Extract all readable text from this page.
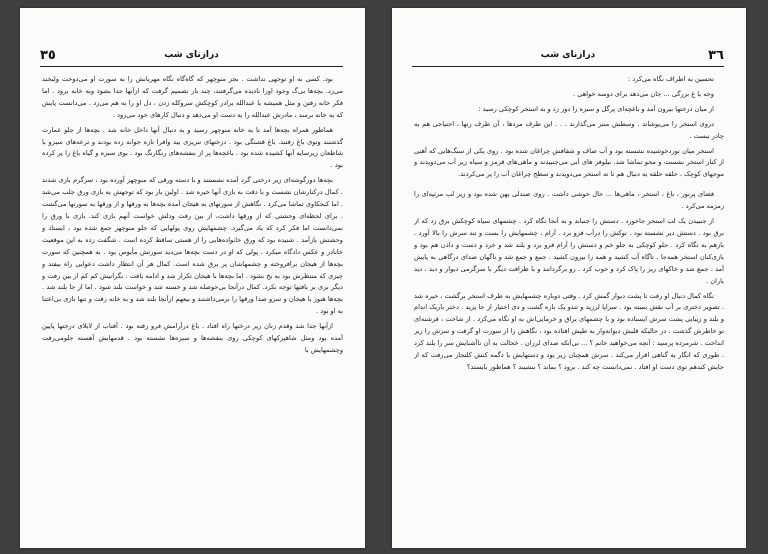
درازنای شب
٣٥

بود. کسی به او توجهی نداشت . بجز منوچهر که گاه‌گاه نگاه مهربانش را به سورت او می‌دوخت ولبخند می‌زد. بچه‌ها بی‌گ وجود اورا نادیده می‌گرفتند، چند بار تصمیم گرفت که ازآنها جدا بشود وبه خانه برود . اما فکر خانه رفتن و مثل همیشه با عبدالله برادر کوچکش سروکله زدن ، دل او را به هم می‌زد . می‌دانست پایش که به خانه برسد ، مادرش عبدالله را به دست او می‌دهد و دنبال کارهای خود می‌رود .

هماطور همراه بچه‌ها آمد تا به خانه منوچهر رسید و به دنبال آنها داخل خانه شد . بچه‌ها از جلو عمارت گذشتند وتوی باغ رفتند. باغ قشنگی بود . درختهای تبریزی بید وافرا تازه جوانه زده بودند و ترعه‌های سبزو با شاطعان زیرسایه آنها کشیده شده بود . باغچه‌ها پر از بنفشه‌های رنگارنگ بود . بوی سبزه و گیاه باغ را پر کرده بود .

بچه‌ها دورگوشه‌ای زیر درختی گرد آمده نشستند و با دسته ورقی که منوچهر آورده بود ، سرگرم بازی شدند . کمال درکنارشان نشست و با دقت به بازی آنها خیره شد . اولین بار بود که توجهش به بازی ورق جلب می‌شد . اما کنجکاوی تماشا می‌کرد . نگاهش از سورتهای به هیجان آمده بچه‌ها به ورقها و از ورقها به سورتها می‌گشت . برای لحظه‌ای وحشتی که از ورقها داشت، از بین رفت ودلش خواست آنهم بازی کند. بازی با ورق را نمی‌دانست اما فکر کرد که یاد می‌گیرد. چشمهایش روی پولهایی که جلو منوچهر جمع شده بود ، ایستاد و وحشتش بازآمد . شنیده بود که ورق خانواده‌هایی را از هستی ساقط کرده است . شگفت زده به این موقعیت خانادر و عکس دادگاه میکرد . پولی که او در دست بچه‌ها می‌دید سورتش مأیوس بود . به همچنین که سورت بچه‌ها از هیجان برافروخته و چشمهاشان پر برق شده است. کمال هر آن انتظار داشت دعوایی راه بیفتد و چیزی که منتظرش بود به بخ بشود . اما بچه‌ها با هیجان تکرار شد و ادامه یافت . نگرانیش کم کم از بین رفت و دیگر بری بر بافتها توجه نکرد. کمال درآنجا بی‌حوصله شد و خسته شد و خواست بلند شود . اما از جا بلند شد . بچه‌ها هنوز با هیجان و سرو صدا ورقها را برمی‌داشتند و بیعهم ازآنجا بلند شد و به خانه رفت و تنها بازی بی‌اعتنا به او بود .

ازآنها جدا شد وقدم زنان زیر درختها راه افتاد . باغ درآرامش فرو رفته بود . آفتاب از لابلای درختها پایین آمده بود ومثل شاهپرکهای کوچکی روی بنفشه‌ها و سبزه‌ها نشسته بود . قدمهایش آهسته جلومی‌رفت وچشمهایش با

درازنای شب	٣٦

تحسین به اطراف نگاه می‌کرد :

وجه با غ بزرگی ... جان می‌دهد برای دوسه خواهی .

از میان درختها بیرون آمد و باغچه‌ای پرگل و سبزه را دور زد و به استخر کوچکی رسید :

دروی استخر را می‌پوشاند . وسطش منبر می‌گذارند . . . این طرف مردها ، آن طرف زنها ، احتیاجی هم به چادر نیست .

استخر میان نوردخوشیده نشسته بود و آب صاف و شفافش چراغان شده بود . روی یکی از سنگ‌هایی که آهنی از کنار استخر نشست و محو تماشا شد. نیلوفر های آبی می‌جنبیدند و ماهی‌های قرمز و سیاه زیر آب می‌دویدند و موجهای کوچک ، حلقه حلقه به دنبال هم تا ته استخر می‌دویدند و سطح چراغان آب را پر می‌کردند.

فضای پرنور ، باغ ، استخر ، ماهی‌ها ... حال خوشی داشت . روی صندلی پهن شده بود و زیر لب مرثیه‌ای را زمزمه می‌کرد .

از جنبیدن یک لب استخر جاخورد . دستش را جنباند و به آنجا نگاه کرد . چشمهای سیاه کوچکش برق زد که از برق بود . دستش دیر نشسته بود . توکش را درآب فرو برد . آرام ، چشمهایش را بست و تند سرش را بالا آورد . بازهم به نگاه کرد . جلو کوچکی به جلو خم و دستش را آرام فرو برد و بلند شد و خرد و دست و دادن هم بود و بازی‌کنان استخر همه‌جا . تاگاه آب کشید و همه را بیرون کشید . جمع و جمع شد و ناگهان صدای درگاهی به پایش آمد ، جمع شد و خاکهای ریز را پاک کرد و خوب کرد . رو برگردانند و با ظرافت دیگر با سرگرمی دیوار و دید ، دید باران .

نگاه کمال دنبال او رفت تا پشت دیوار گمش کرد . وقتی دوباره چشمهایش به طرف استخر برگشت ، خیره شد . تصویر دختری بر آب نقش بسته بود . سراپا لرزید و تندو یک باره گشت و دی اختیار از جا پرید . دختر باریک اندام و بلند و زیبایی پشت سرش ایستاده بود و با چشمهای براق و خرمایی‌اش به او نگاه می‌کرد . از شاخت ، فرشته‌ای تو خاطرش گذشت . در حالیکه قلبش دیوانه‌وار به طپش افتاده بود ، نگاهش را از سورت او گرفت و سرش را زیر انداخت . شرمزده پرسید : آنچه می‌خواهید خانم ؟ ... بی‌آنکه صدای لرزان . خجالت به آن ناآشنایش سر را بلند کرد . طوری که انگار به گناهی اقرار می‌کند . سرش همچنان زیر بود و دستهایش با دگمه کتش کلنجار می‌رفت که از جایش کندهم توی دست او افتاد . نمی‌دانست چه کند . برود ؟ بماند ؟ بنشیند ؟ هماطور بایستد؟
